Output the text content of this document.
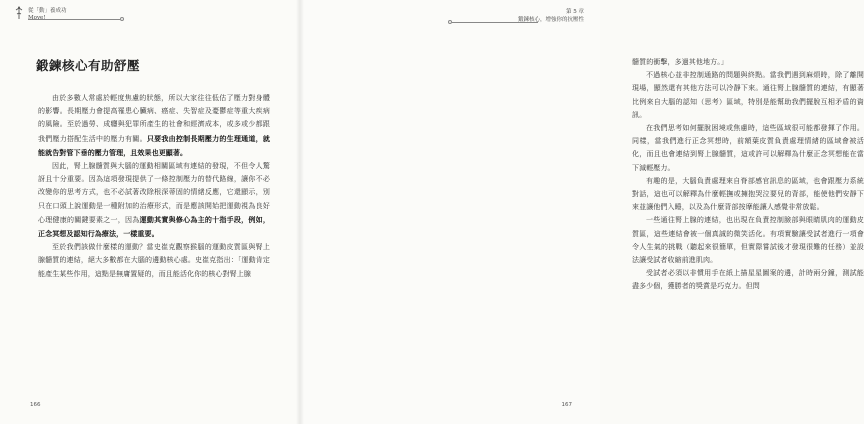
從「動」養成功
Move!
鍛鍊核心有助舒壓

由於多數人常處於輕度焦慮的狀態，所以大家往往低估了壓力對身體的影響。長期壓力會提高罹患心臟病、癌症、失智症及憂鬱症等重大疾病的風險。至於過勞、成癮與犯罪所產生的社會和經濟成本，或多或少都跟我們壓力搭配生活中的壓力有關。只要我由控制長期壓力的生理通道，就能就告對管下垂的壓力管理，且效果也更顯著。

因此，腎上腺髓質與大腦的運動相關區域有連結的發現，不但令人驚訝且十分重要。因為這項發現提供了一條控制壓力的替代路線，讓你不必改變你的思考方式，也不必試著改除根深蒂固的情緒反應，它還顯示，別只在口頭上說運動是一種附加的治療形式，而是應該開始把運動視為良好心理健康的關鍵要素之一，因為運動其實與修心為主的十指手段，例如，正念冥想及認知行為療法，一樣重要。

至於我們該做什麼樣的運動？當史崔克觀察猴腦的運動皮質區與腎上腺髓質的連結，絕大多數都在大腦的邊動核心處。史崔克指出：「運動肯定能產生某些作用，這點是無庸置疑的，而且能活化你的核心對腎上腺

166
第 5 章
鍛鍊核心，增強你的抗壓性

髓質的衝擊，多過其他地方。」

不過核心並非控制通路的問題與終點。當我們遇到麻煩時，除了離開現場，顯然還有其他方法可以冷靜下來。通往腎上腺髓質的連結，有顯著比例來自大腦的認知（思考）區域，特別是能幫助我們擺脫互相矛盾的資訊。

在我們思考如何擺脫困境或焦慮時，這些區域很可能都發揮了作用。同樣，當我們進行正念冥想時，前額葉皮質負責處理情緒的區域會被活化，而且也會連結到腎上腺髓質，這或許可以解釋為什麼正念冥想能在當下減輕壓力。

有趣的是，大腦負責處理來自脊部感官訊息的區域，也會跟壓力系統對話，這也可以解釋為什麼輕撫或擁抱哭泣要兒的背部，能使他們安靜下來並讓他們入睡，以及為什麼背部按摩能讓人感覺非常放鬆。

一些通往腎上腺的連結，也出現在負責控制臉部與眼睛肌肉的運動皮質區，這些連結會被一個真誠的微笑活化。有項實驗讓受試者進行一項會令人生氣的挑戰（聽起來很簡單，但實際嘗試後才發現很難的任務）並設法讓受試者收縮前進肌肉。

受試者必須以非慣用手在紙上描星星圖案的邊，計時兩分鐘，測試能盡多少個，獲勝者的獎賞是巧克力。但問

167
